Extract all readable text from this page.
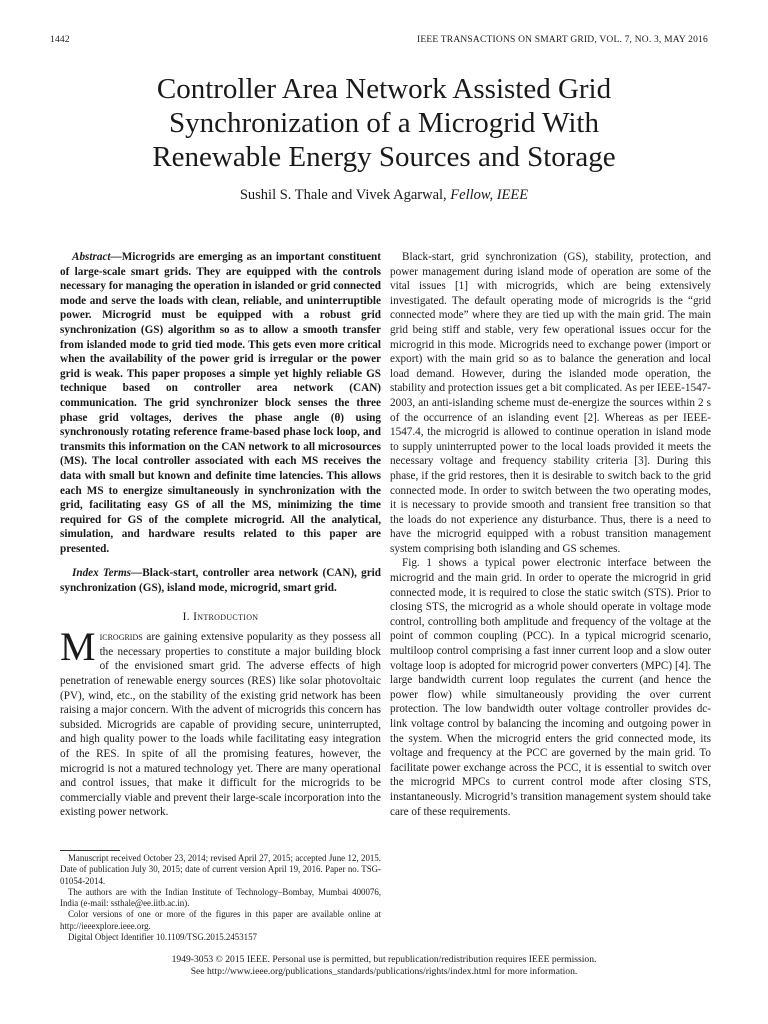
1442	IEEE TRANSACTIONS ON SMART GRID, VOL. 7, NO. 3, MAY 2016
Controller Area Network Assisted Grid
Synchronization of a Microgrid With
Renewable Energy Sources and Storage
Sushil S. Thale and Vivek Agarwal, Fellow, IEEE

Abstract—Microgrids are emerging as an important constituent of large-scale smart grids. They are equipped with the controls necessary for managing the operation in islanded or grid connected mode and serve the loads with clean, reliable, and uninterruptible power. Microgrid must be equipped with a robust grid synchronization (GS) algorithm so as to allow a smooth transfer from islanded mode to grid tied mode. This gets even more critical when the availability of the power grid is irregular or the power grid is weak. This paper proposes a simple yet highly reliable GS technique based on controller area network (CAN) communication. The grid synchronizer block senses the three phase grid voltages, derives the phase angle (θ) using synchronously rotating reference frame-based phase lock loop, and transmits this information on the CAN network to all microsources (MS). The local controller associated with each MS receives the data with small but known and definite time latencies. This allows each MS to energize simultaneously in synchronization with the grid, facilitating easy GS of all the MS, minimizing the time required for GS of the complete microgrid. All the analytical, simulation, and hardware results related to this paper are presented.

Index Terms—Black-start, controller area network (CAN), grid synchronization (GS), island mode, microgrid, smart grid.

I. Introduction

Microgrids are gaining extensive popularity as they possess all the necessary properties to constitute a major building block of the envisioned smart grid. The adverse effects of high penetration of renewable energy sources (RES) like solar photovoltaic (PV), wind, etc., on the stability of the existing grid network has been raising a major concern. With the advent of microgrids this concern has subsided. Microgrids are capable of providing secure, uninterrupted, and high quality power to the loads while facilitating easy integration of the RES. In spite of all the promising features, however, the microgrid is not a matured technology yet. There are many operational and control issues, that make it difficult for the microgrids to be commercially viable and prevent their large-scale incorporation into the existing power network.

Manuscript received October 23, 2014; revised April 27, 2015; accepted June 12, 2015. Date of publication July 30, 2015; date of current version April 19, 2016. Paper no. TSG-01054-2014.

The authors are with the Indian Institute of Technology–Bombay, Mumbai 400076, India (e-mail: ssthale@ee.iitb.ac.in).

Color versions of one or more of the figures in this paper are available online at http://ieeexplore.ieee.org.

Digital Object Identifier 10.1109/TSG.2015.2453157

Black-start, grid synchronization (GS), stability, protection, and power management during island mode of operation are some of the vital issues [1] with microgrids, which are being extensively investigated. The default operating mode of microgrids is the “grid connected mode” where they are tied up with the main grid. The main grid being stiff and stable, very few operational issues occur for the microgrid in this mode. Microgrids need to exchange power (import or export) with the main grid so as to balance the generation and local load demand. However, during the islanded mode operation, the stability and protection issues get a bit complicated. As per IEEE-1547-2003, an anti-islanding scheme must de-energize the sources within 2 s of the occurrence of an islanding event [2]. Whereas as per IEEE-1547.4, the microgrid is allowed to continue operation in island mode to supply uninterrupted power to the local loads provided it meets the necessary voltage and frequency stability criteria [3]. During this phase, if the grid restores, then it is desirable to switch back to the grid connected mode. In order to switch between the two operating modes, it is necessary to provide smooth and transient free transition so that the loads do not experience any disturbance. Thus, there is a need to have the microgrid equipped with a robust transition management system comprising both islanding and GS schemes.

Fig. 1 shows a typical power electronic interface between the microgrid and the main grid. In order to operate the microgrid in grid connected mode, it is required to close the static switch (STS). Prior to closing STS, the microgrid as a whole should operate in voltage mode control, controlling both amplitude and frequency of the voltage at the point of common coupling (PCC). In a typical microgrid scenario, multiloop control comprising a fast inner current loop and a slow outer voltage loop is adopted for microgrid power converters (MPC) [4]. The large bandwidth current loop regulates the current (and hence the power flow) while simultaneously providing the over current protection. The low bandwidth outer voltage controller provides dc-link voltage control by balancing the incoming and outgoing power in the system. When the microgrid enters the grid connected mode, its voltage and frequency at the PCC are governed by the main grid. To facilitate power exchange across the PCC, it is essential to switch over the microgrid MPCs to current control mode after closing STS, instantaneously. Microgrid’s transition management system should take care of these requirements.

1949-3053 © 2015 IEEE. Personal use is permitted, but republication/redistribution requires IEEE permission.
See http://www.ieee.org/publications_standards/publications/rights/index.html for more information.
